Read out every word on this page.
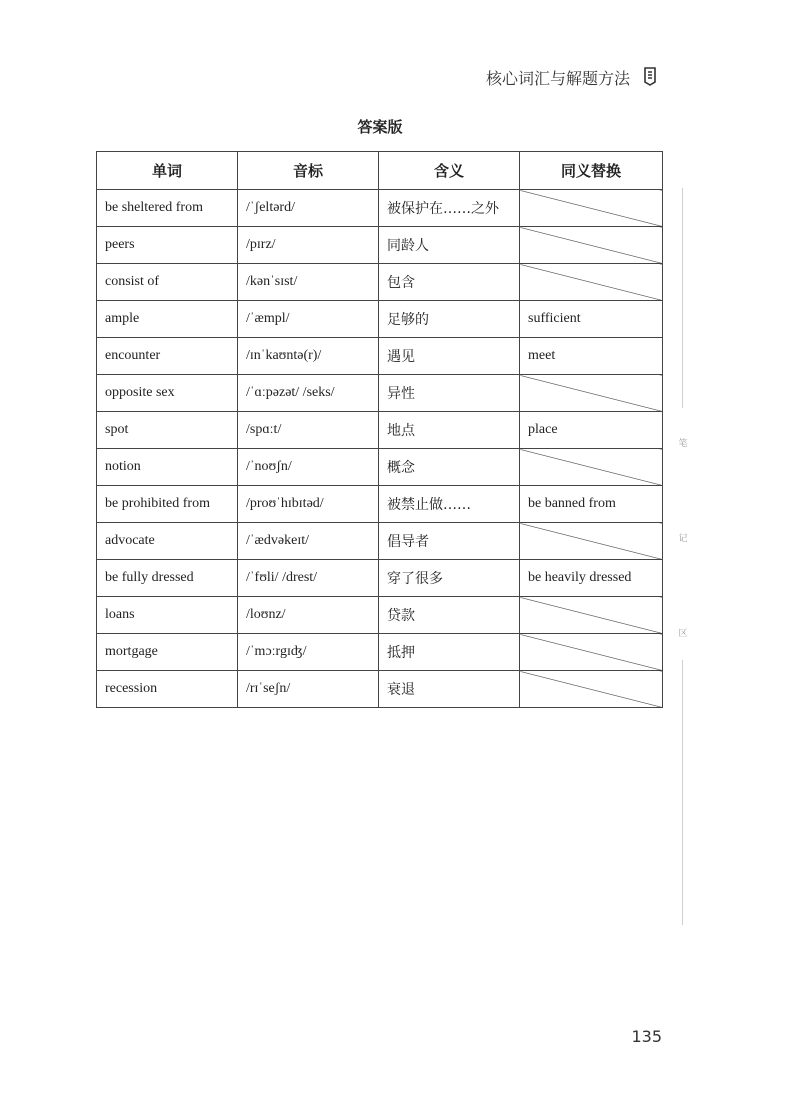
核心词汇与解题方法
答案版
单词	音标	含义	同义替换
be sheltered from	/ˈʃeltərd/	被保护在……之外	
peers	/pɪrz/	同龄人	
consist of	/kənˈsɪst/	包含	
ample	/ˈæmpl/	足够的	sufficient
encounter	/ɪnˈkaʊntə(r)/	遇见	meet
opposite sex	/ˈɑːpəzət/ /seks/	异性	
spot	/spɑːt/	地点	place
notion	/ˈnoʊʃn/	概念	
be prohibited from	/proʊˈhɪbɪtəd/	被禁止做……	be banned from
advocate	/ˈædvəkeɪt/	倡导者	
be fully dressed	/ˈfʊli/ /drest/	穿了很多	be heavily dressed
loans	/loʊnz/	贷款	
mortgage	/ˈmɔːrgɪʤ/	抵押	
recession	/rɪˈseʃn/	衰退	
笔
记
区
135
